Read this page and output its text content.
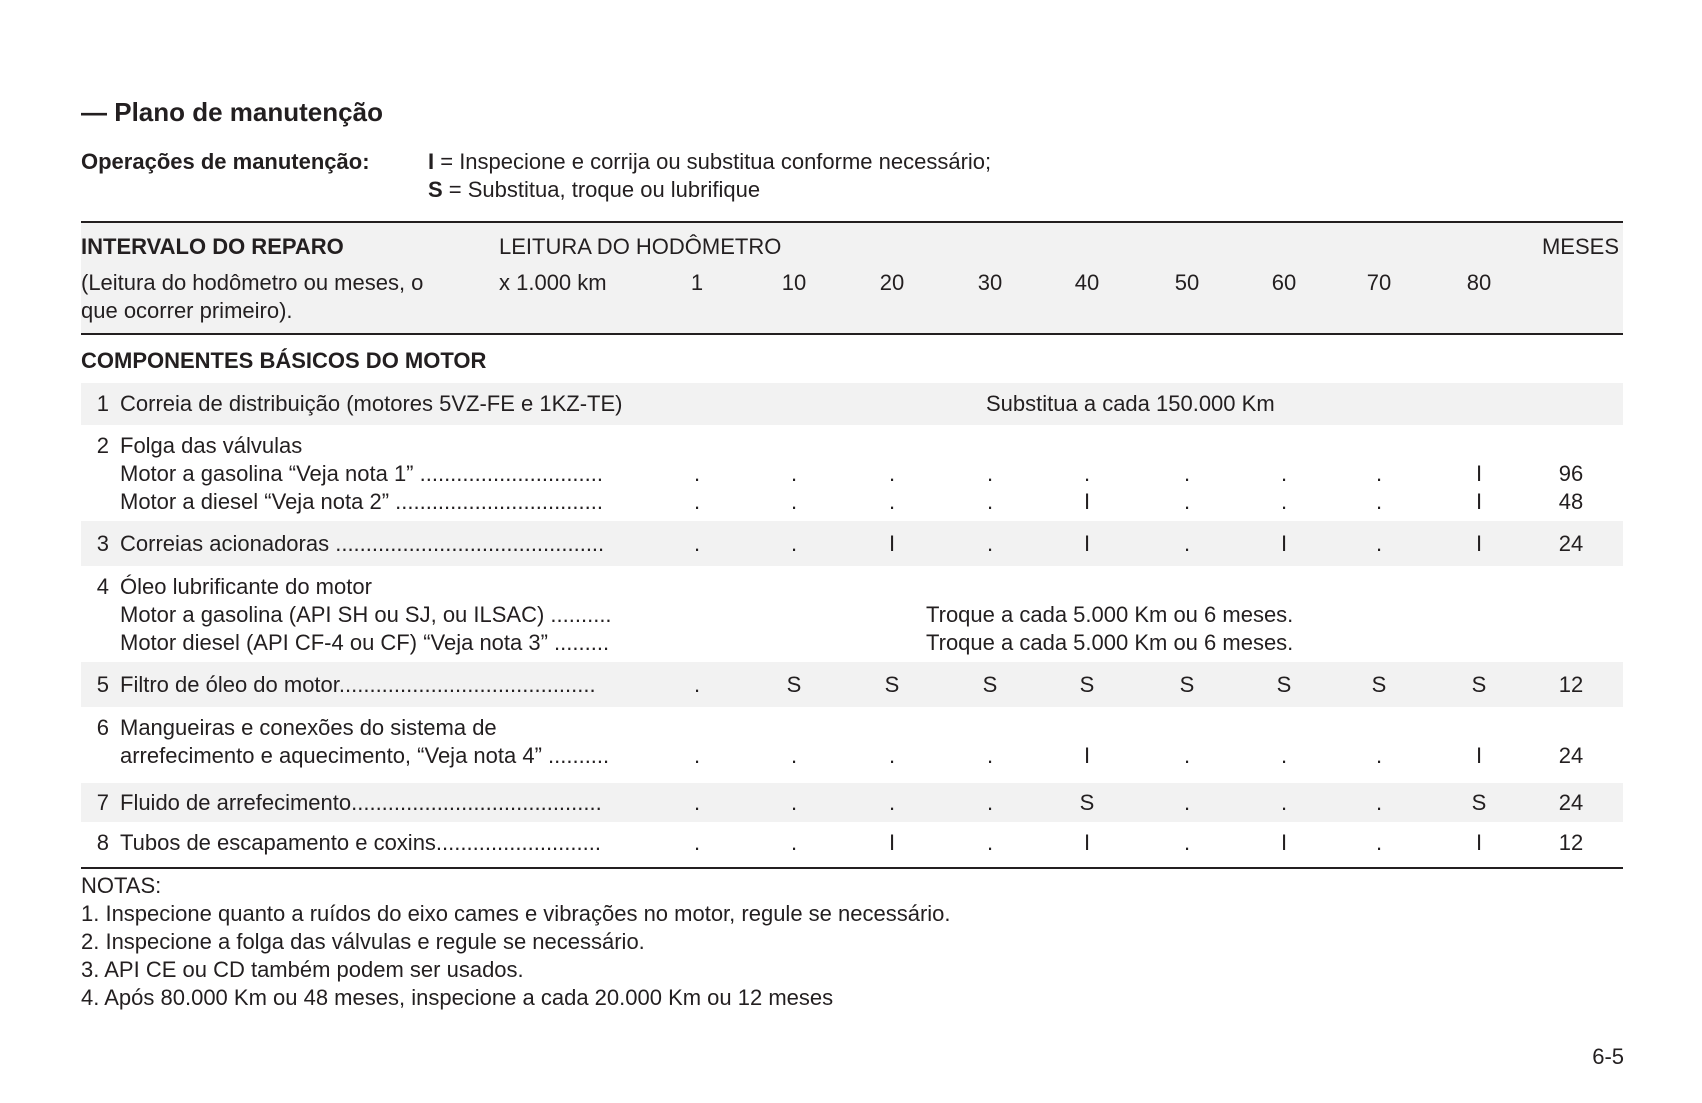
— Plano de manutenção
Operações de manutenção:	I = Inspecione e corrija ou substitua conforme necessário;
S = Substitua, troque ou lubrifique
INTERVALO DO REPARO
(Leitura do hodômetro ou meses, o
que ocorrer primeiro).
LEITURA DO HODÔMETRO
x 1.000 km
MESES
1	10	20	30	40	50	60	70	80
COMPONENTES BÁSICOS DO MOTOR
1 Correia de distribuição (motores 5VZ-FE e 1KZ-TE)	Substitua a cada 150.000 Km
2 Folga das válvulas
Motor a gasolina “Veja nota 1” ..............................	.	.	.	.	.	.	.	.	I	96
Motor a diesel “Veja nota 2” ..................................	.	.	.	.	I	.	.	.	I	48
3 Correias acionadoras ............................................	.	.	I	.	I	.	I	.	I	24
4 Óleo lubrificante do motor
Motor a gasolina (API SH ou SJ, ou ILSAC) ..........	Troque a cada 5.000 Km ou 6 meses.
Motor diesel (API CF-4 ou CF) “Veja nota 3” .........	Troque a cada 5.000 Km ou 6 meses.
5 Filtro de óleo do motor..........................................	.	S	S	S	S	S	S	S	S	12
6 Mangueiras e conexões do sistema de
arrefecimento e aquecimento, “Veja nota 4” ..........	.	.	.	.	I	.	.	.	I	24
7 Fluido de arrefecimento.........................................	.	.	.	.	S	.	.	.	S	24
8 Tubos de escapamento e coxins...........................	.	.	I	.	I	.	I	.	I	12
NOTAS:
1. Inspecione quanto a ruídos do eixo cames e vibrações no motor, regule se necessário.
2. Inspecione a folga das válvulas e regule se necessário.
3. API CE ou CD também podem ser usados.
4. Após 80.000 Km ou 48 meses, inspecione a cada 20.000 Km ou 12 meses
6-5
